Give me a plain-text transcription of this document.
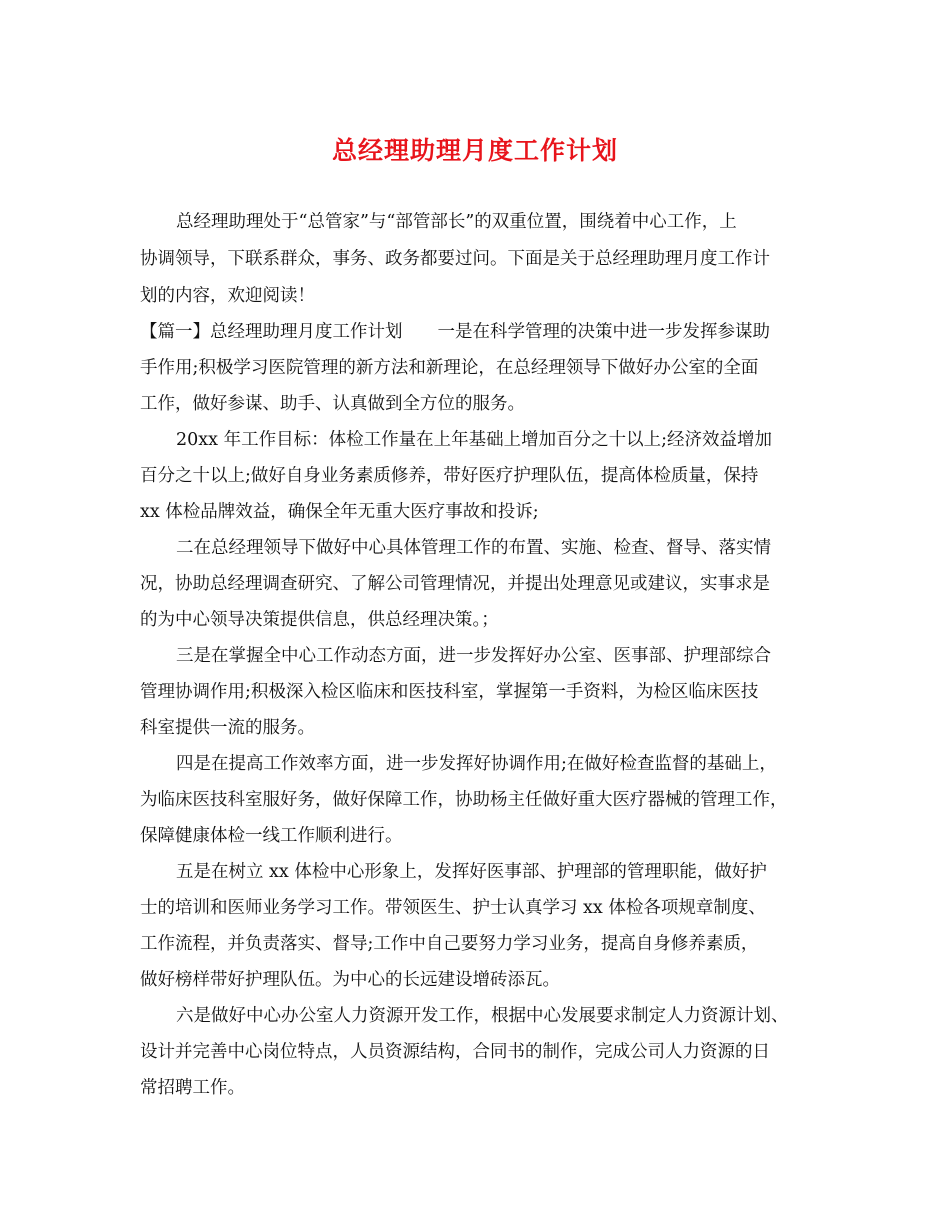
总经理助理月度工作计划
总经理助理处于“总管家”与“部管部长”的双重位置，围绕着中心工作，上
协调领导，下联系群众，事务、政务都要过问。下面是关于总经理助理月度工作计
划的内容，欢迎阅读！
【篇一】总经理助理月度工作计划　　一是在科学管理的决策中进一步发挥参谋助
手作用;积极学习医院管理的新方法和新理论，在总经理领导下做好办公室的全面
工作，做好参谋、助手、认真做到全方位的服务。
20xx 年工作目标：体检工作量在上年基础上增加百分之十以上;经济效益增加
百分之十以上;做好自身业务素质修养，带好医疗护理队伍，提高体检质量，保持
xx 体检品牌效益，确保全年无重大医疗事故和投诉;
二在总经理领导下做好中心具体管理工作的布置、实施、检查、督导、落实情
况，协助总经理调查研究、了解公司管理情况，并提出处理意见或建议，实事求是
的为中心领导决策提供信息，供总经理决策。；
三是在掌握全中心工作动态方面，进一步发挥好办公室、医事部、护理部综合
管理协调作用;积极深入检区临床和医技科室，掌握第一手资料，为检区临床医技
科室提供一流的服务。
四是在提高工作效率方面，进一步发挥好协调作用;在做好检查监督的基础上，
为临床医技科室服好务，做好保障工作，协助杨主任做好重大医疗器械的管理工作，
保障健康体检一线工作顺利进行。
五是在树立 xx 体检中心形象上，发挥好医事部、护理部的管理职能，做好护
士的培训和医师业务学习工作。带领医生、护士认真学习 xx 体检各项规章制度、
工作流程，并负责落实、督导;工作中自己要努力学习业务，提高自身修养素质，
做好榜样带好护理队伍。为中心的长远建设增砖添瓦。
六是做好中心办公室人力资源开发工作，根据中心发展要求制定人力资源计划、
设计并完善中心岗位特点，人员资源结构，合同书的制作，完成公司人力资源的日
常招聘工作。
